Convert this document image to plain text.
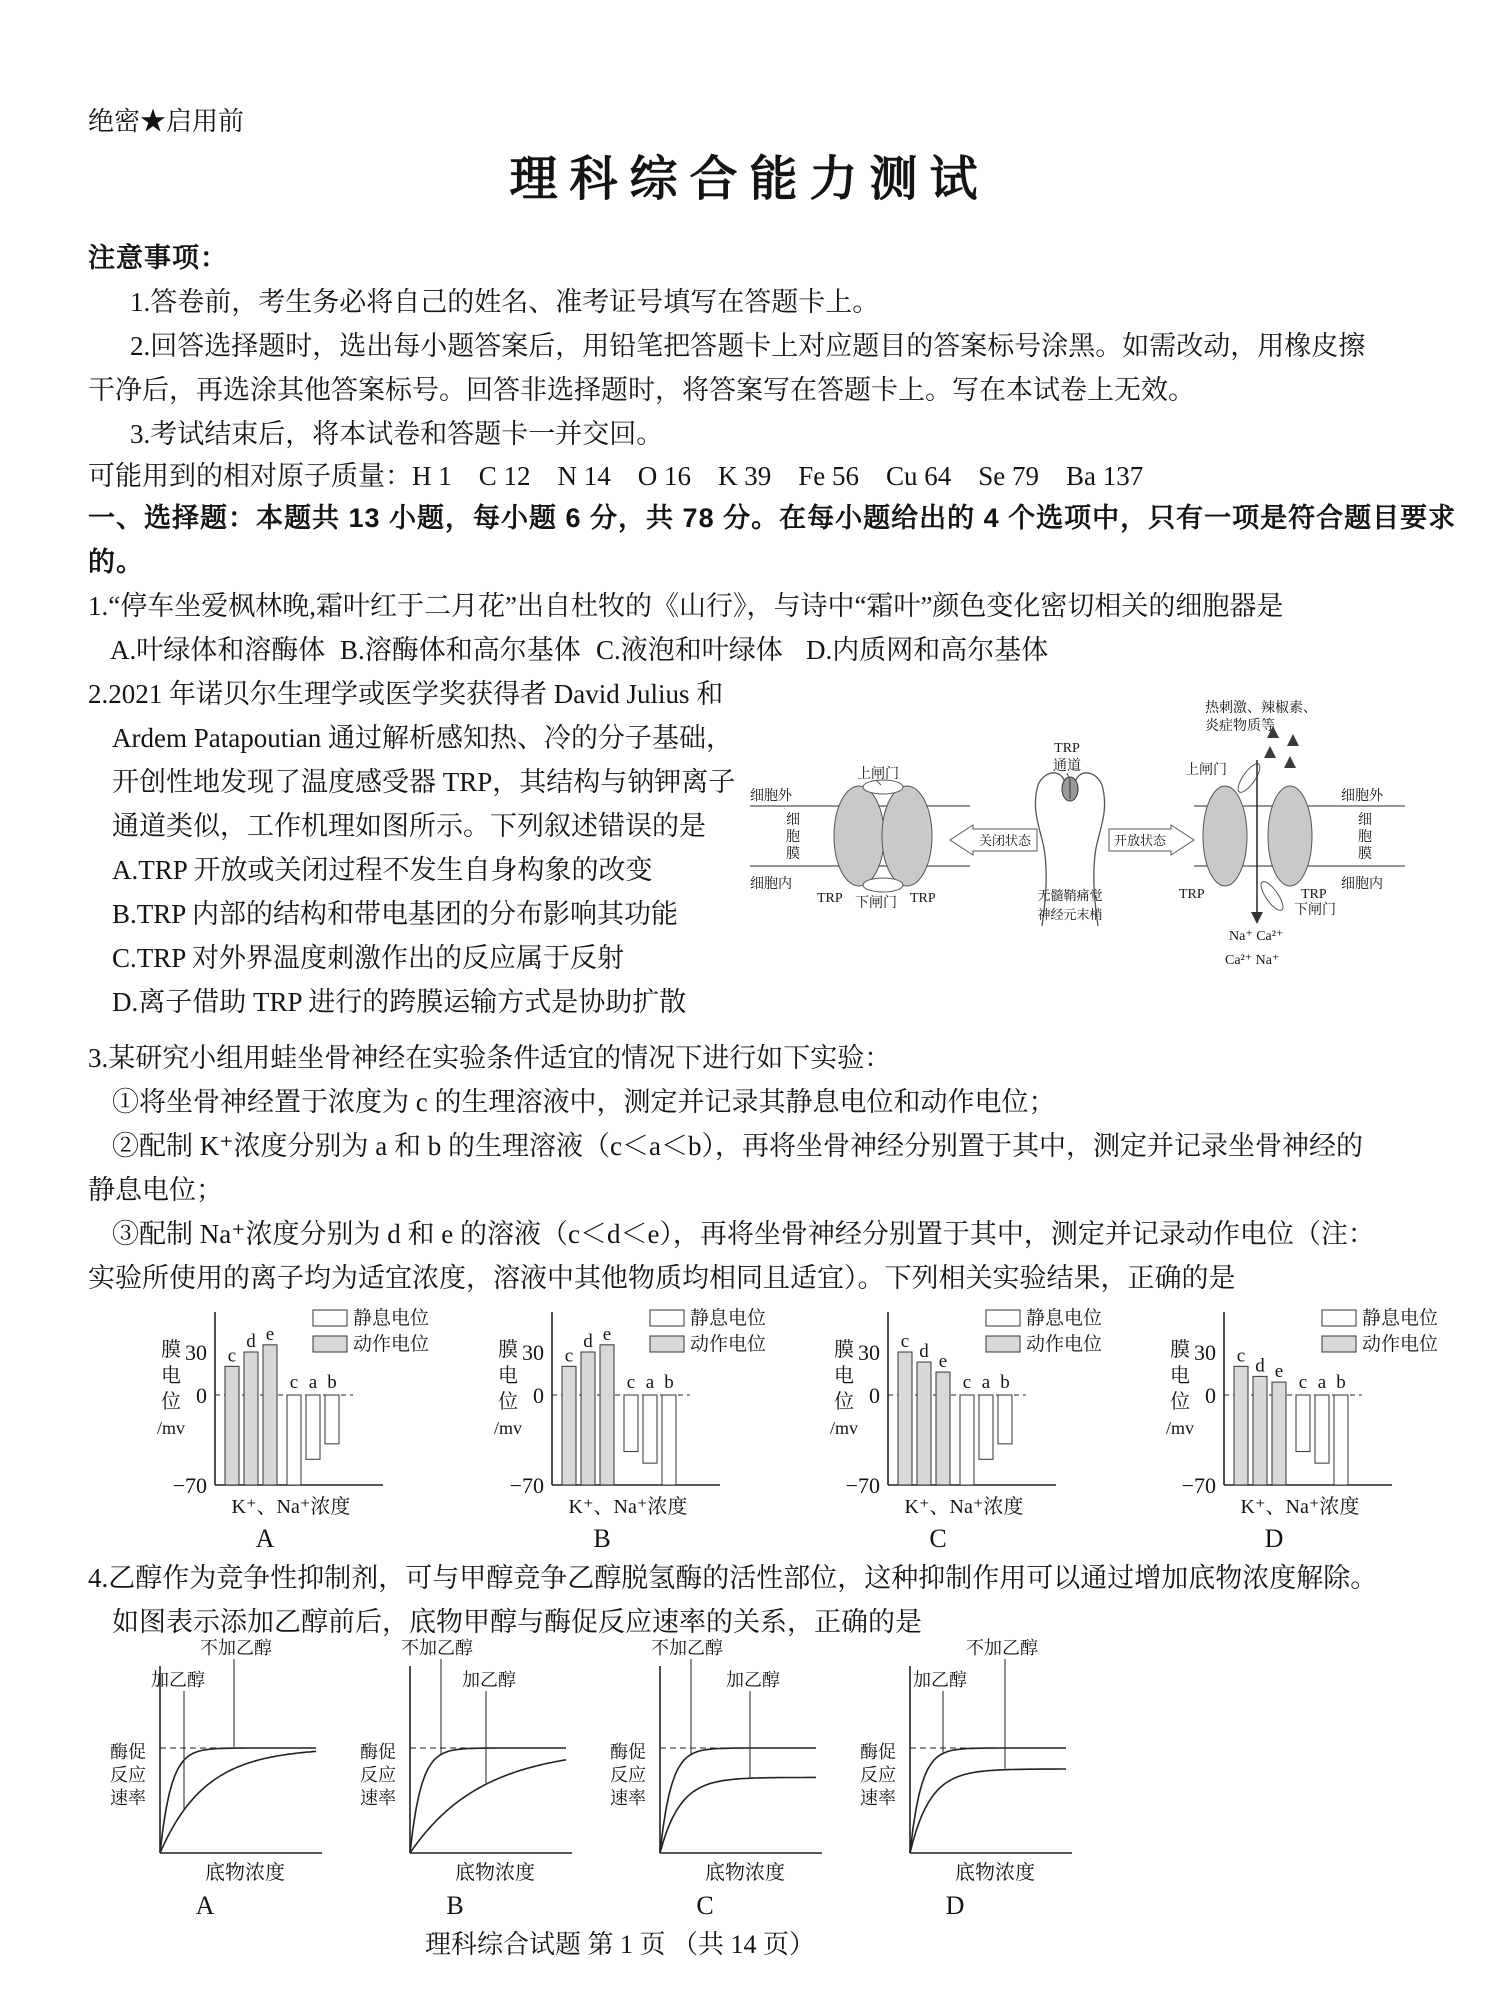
绝密★启用前
理科综合能力测试
注意事项：
1.答卷前，考生务必将自己的姓名、准考证号填写在答题卡上。
2.回答选择题时，选出每小题答案后，用铅笔把答题卡上对应题目的答案标号涂黑。如需改动，用橡皮擦
干净后，再选涂其他答案标号。回答非选择题时，将答案写在答题卡上。写在本试卷上无效。
3.考试结束后，将本试卷和答题卡一并交回。
可能用到的相对原子质量：H 1    C 12    N 14    O 16    K 39    Fe 56    Cu 64    Se 79    Ba 137
一、选择题：本题共 13 小题，每小题 6 分，共 78 分。在每小题给出的 4 个选项中，只有一项是符合题目要求
的。
1.“停车坐爱枫林晚,霜叶红于二月花”出自杜牧的《山行》，与诗中“霜叶”颜色变化密切相关的细胞器是
A.叶绿体和溶酶体 B.溶酶体和高尔基体 C.液泡和叶绿体 D.内质网和高尔基体
2.2021 年诺贝尔生理学或医学奖获得者 David Julius 和
Ardem Patapoutian 通过解析感知热、冷的分子基础，
开创性地发现了温度感受器 TRP，其结构与钠钾离子
通道类似，工作机理如图所示。下列叙述错误的是
A.TRP 开放或关闭过程不发生自身构象的改变
B.TRP 内部的结构和带电基团的分布影响其功能
C.TRP 对外界温度刺激作出的反应属于反射
D.离子借助 TRP 进行的跨膜运输方式是协助扩散
关闭状态	开放状态
热刺激、辣椒素、
炎症物质等
TRP
通道
上闸门
细胞外
细
胞
膜
细胞内
TRP 下闸门 TRP	无髓鞘痛觉
神经元末梢
上闸门
细胞外
细
胞
膜
细胞内
TRP	TRP
下闸门
Na⁺ Ca²⁺
Ca²⁺ Na⁺
3.某研究小组用蛙坐骨神经在实验条件适宜的情况下进行如下实验：
①将坐骨神经置于浓度为 c 的生理溶液中，测定并记录其静息电位和动作电位；
②配制 K⁺浓度分别为 a 和 b 的生理溶液（c＜a＜b），再将坐骨神经分别置于其中，测定并记录坐骨神经的
静息电位；
③配制 Na⁺浓度分别为 d 和 e 的溶液（c＜d＜e），再将坐骨神经分别置于其中，测定并记录动作电位（注：
实验所使用的离子均为适宜浓度，溶液中其他物质均相同且适宜）。下列相关实验结果，正确的是
30
0
−70
膜
电
位
/mv
c
d e
c a b
静息电位
动作电位
K⁺、Na⁺浓度
A
30
0
−70
膜
电
位
/mv
c
d e
c a b
静息电位
动作电位
K⁺、Na⁺浓度
B
30
0
−70
膜
电
位
/mv
c d e
c a b
静息电位
动作电位
K⁺、Na⁺浓度
C
30
0
−70
膜
电
位
/mv
c d e
c a b
静息电位
动作电位
K⁺、Na⁺浓度
D
4.乙醇作为竞争性抑制剂，可与甲醇竞争乙醇脱氢酶的活性部位，这种抑制作用可以通过增加底物浓度解除。
如图表示添加乙醇前后，底物甲醇与酶促反应速率的关系，正确的是
酶促
反应
速率
底物浓度
A
不加乙醇
加乙醇
酶促
反应
速率
底物浓度
B
不加乙醇
加乙醇
酶促
反应
速率
底物浓度
C
不加乙醇
加乙醇
酶促
反应
速率
底物浓度
D
加乙醇
不加乙醇
理科综合试题 第 1 页 （共 14 页）
